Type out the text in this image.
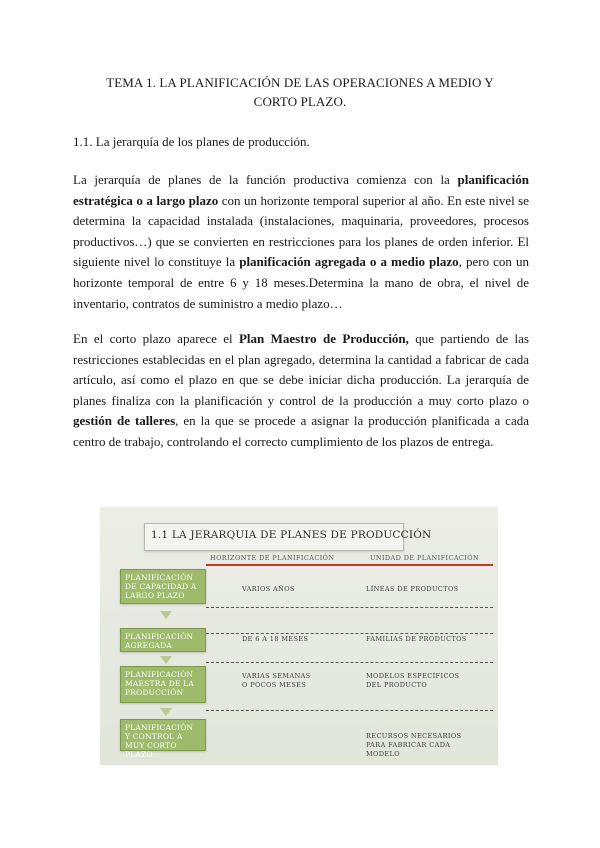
TEMA 1. LA PLANIFICACIÓN DE LAS OPERACIONES A MEDIO Y
CORTO PLAZO.
1.1. La jerarquía de los planes de producción.

La jerarquía de planes de la función productiva comienza con la planificación estratégica o a largo plazo con un horizonte temporal superior al año. En este nivel se determina la capacidad instalada (instalaciones, maquinaria, proveedores, procesos productivos…) que se convierten en restricciones para los planes de orden inferior. El siguiente nivel lo constituye la planificación agregada o a medio plazo, pero con un horizonte temporal de entre 6 y 18 meses.Determina la mano de obra, el nivel de inventario, contratos de suministro a medio plazo…

En el corto plazo aparece el Plan Maestro de Producción, que partiendo de las restricciones establecidas en el plan agregado, determina la cantidad a fabricar de cada artículo, así como el plazo en que se debe iniciar dicha producción. La jerarquía de planes finaliza con la planificación y control de la producción a muy corto plazo o gestión de talleres, en la que se procede a asignar la producción planificada a cada centro de trabajo, controlando el correcto cumplimiento de los plazos de entrega.

1.1 LA JERARQUIA DE PLANES DE PRODUCCIÓN
HORIZONTE DE PLANIFICACIÓN	UNIDAD DE PLANIFICACIÓN
PLANIFICACIÓN DE CAPACIDAD A LARGO PLAZO
PLANIFICACIÓN AGREGADA
PLANIFICACIÓN MAESTRA DE LA PRODUCCIÓN
PLANIFICACIÓN Y CONTROL A MUY CORTO PLAZO
VARIOS AÑOS
DE 6 A 18 MESES
VARIAS SEMANAS
O POCOS MESES
LÍNEAS DE PRODUCTOS
FAMILIAS DE PRODUCTOS
MODELOS ESPECÍFICOS
DEL PRODUCTO
RECURSOS NECESARIOS
PARA FABRICAR CADA
MODELO
